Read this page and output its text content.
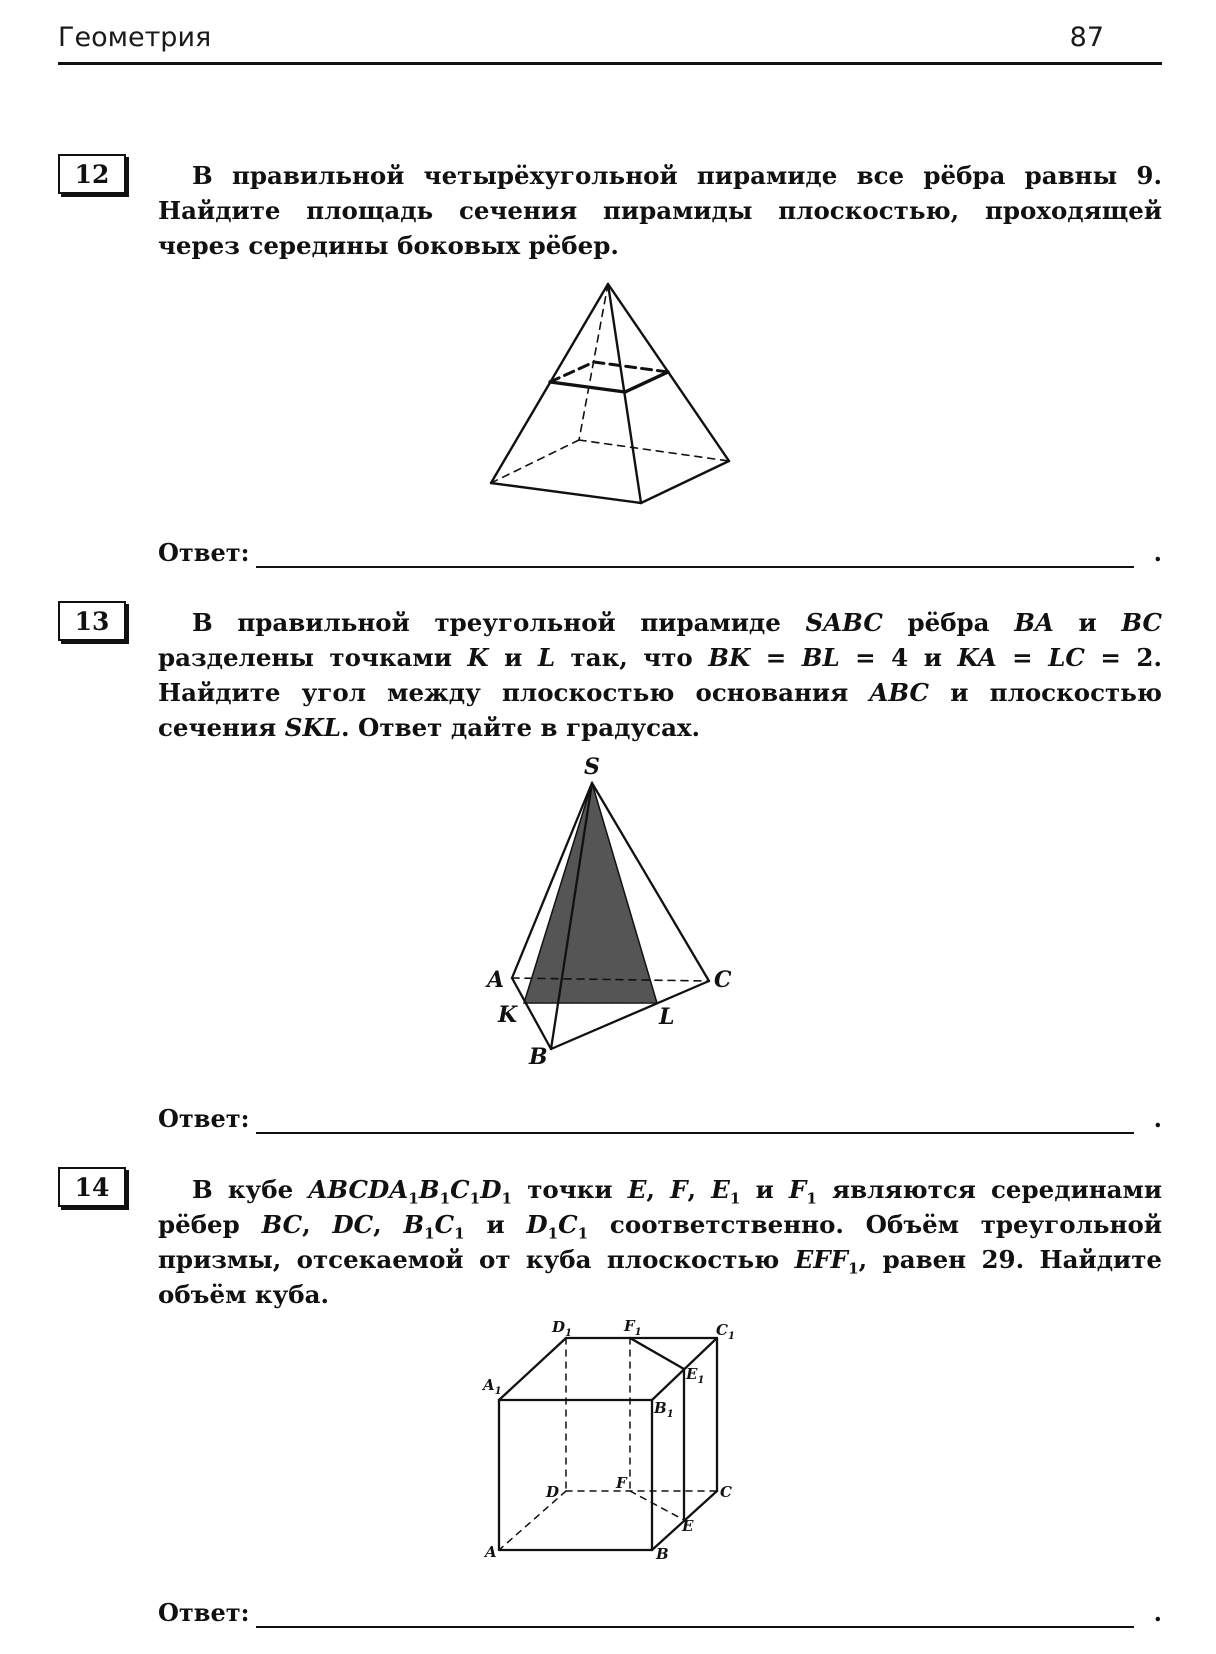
Геометрия	87
12	В правильной четырёхугольной пирамиде все рёбра равны 9. Найдите площадь сечения пирамиды плоскостью, проходящей через середины боковых рёбер.

Ответ:	.
13	В правильной треугольной пирамиде SABC рёбра BA и BC разделены точками K и L так, что BK = BL = 4 и KA = LC = 2. Найдите угол между плоскостью основания ABC и плоскостью сечения SKL. Ответ дайте в градусах.

S
A	C
K	L
B
Ответ:	.
14	В кубе $ABCDA_1B_1C_1D_1$ точки E, F, $E_1$ и $F_1$ являются серединами рёбер BC, DC, $B_1C_1$ и $D_1C_1$ соответственно. Объём треугольной призмы, отсекаемой от куба плоскостью $EFF_1$, равен 29. Найдите объём куба.

$D_1$	$F_1$	$C_1$
$A_1$
$E_1$
$B_1$
D	F	C
E
A	B
Ответ:	.
